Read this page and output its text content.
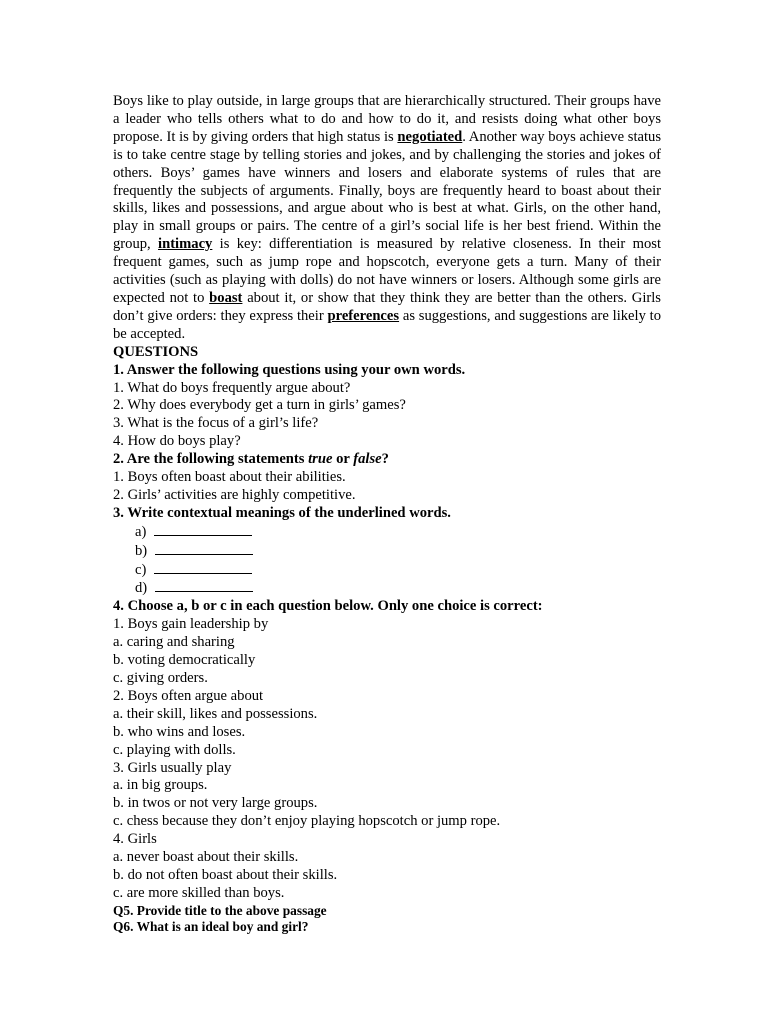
Boys like to play outside, in large groups that are hierarchically structured. Their groups have a leader who tells others what to do and how to do it, and resists doing what other boys propose. It is by giving orders that high status is negotiated. Another way boys achieve status is to take centre stage by telling stories and jokes, and by challenging the stories and jokes of others. Boys’ games have winners and losers and elaborate systems of rules that are frequently the subjects of arguments. Finally, boys are frequently heard to boast about their skills, likes and possessions, and argue about who is best at what. Girls, on the other hand, play in small groups or pairs. The centre of a girl’s social life is her best friend. Within the group, intimacy is key: differentiation is measured by relative closeness. In their most frequent games, such as jump rope and hopscotch, everyone gets a turn. Many of their activities (such as playing with dolls) do not have winners or losers. Although some girls are expected not to boast about it, or show that they think they are better than the others. Girls don’t give orders: they express their preferences as suggestions, and suggestions are likely to be accepted.

QUESTIONS

1. Answer the following questions using your own words.

1. What do boys frequently argue about?

2. Why does everybody get a turn in girls’ games?

3. What is the focus of a girl’s life?

4. How do boys play?

2. Are the following statements true or false?

1. Boys often boast about their abilities.

2. Girls’ activities are highly competitive.

3. Write contextual meanings of the underlined words.

a)
b)
c)
d)

4. Choose a, b or c in each question below. Only one choice is correct:

1. Boys gain leadership by

a. caring and sharing

b. voting democratically

c. giving orders.

2. Boys often argue about

a. their skill, likes and possessions.

b. who wins and loses.

c. playing with dolls.

3. Girls usually play

a. in big groups.

b. in twos or not very large groups.

c. chess because they don’t enjoy playing hopscotch or jump rope.

4. Girls

a. never boast about their skills.

b. do not often boast about their skills.

c. are more skilled than boys.

Q5. Provide title to the above passage

Q6. What is an ideal boy and girl?
